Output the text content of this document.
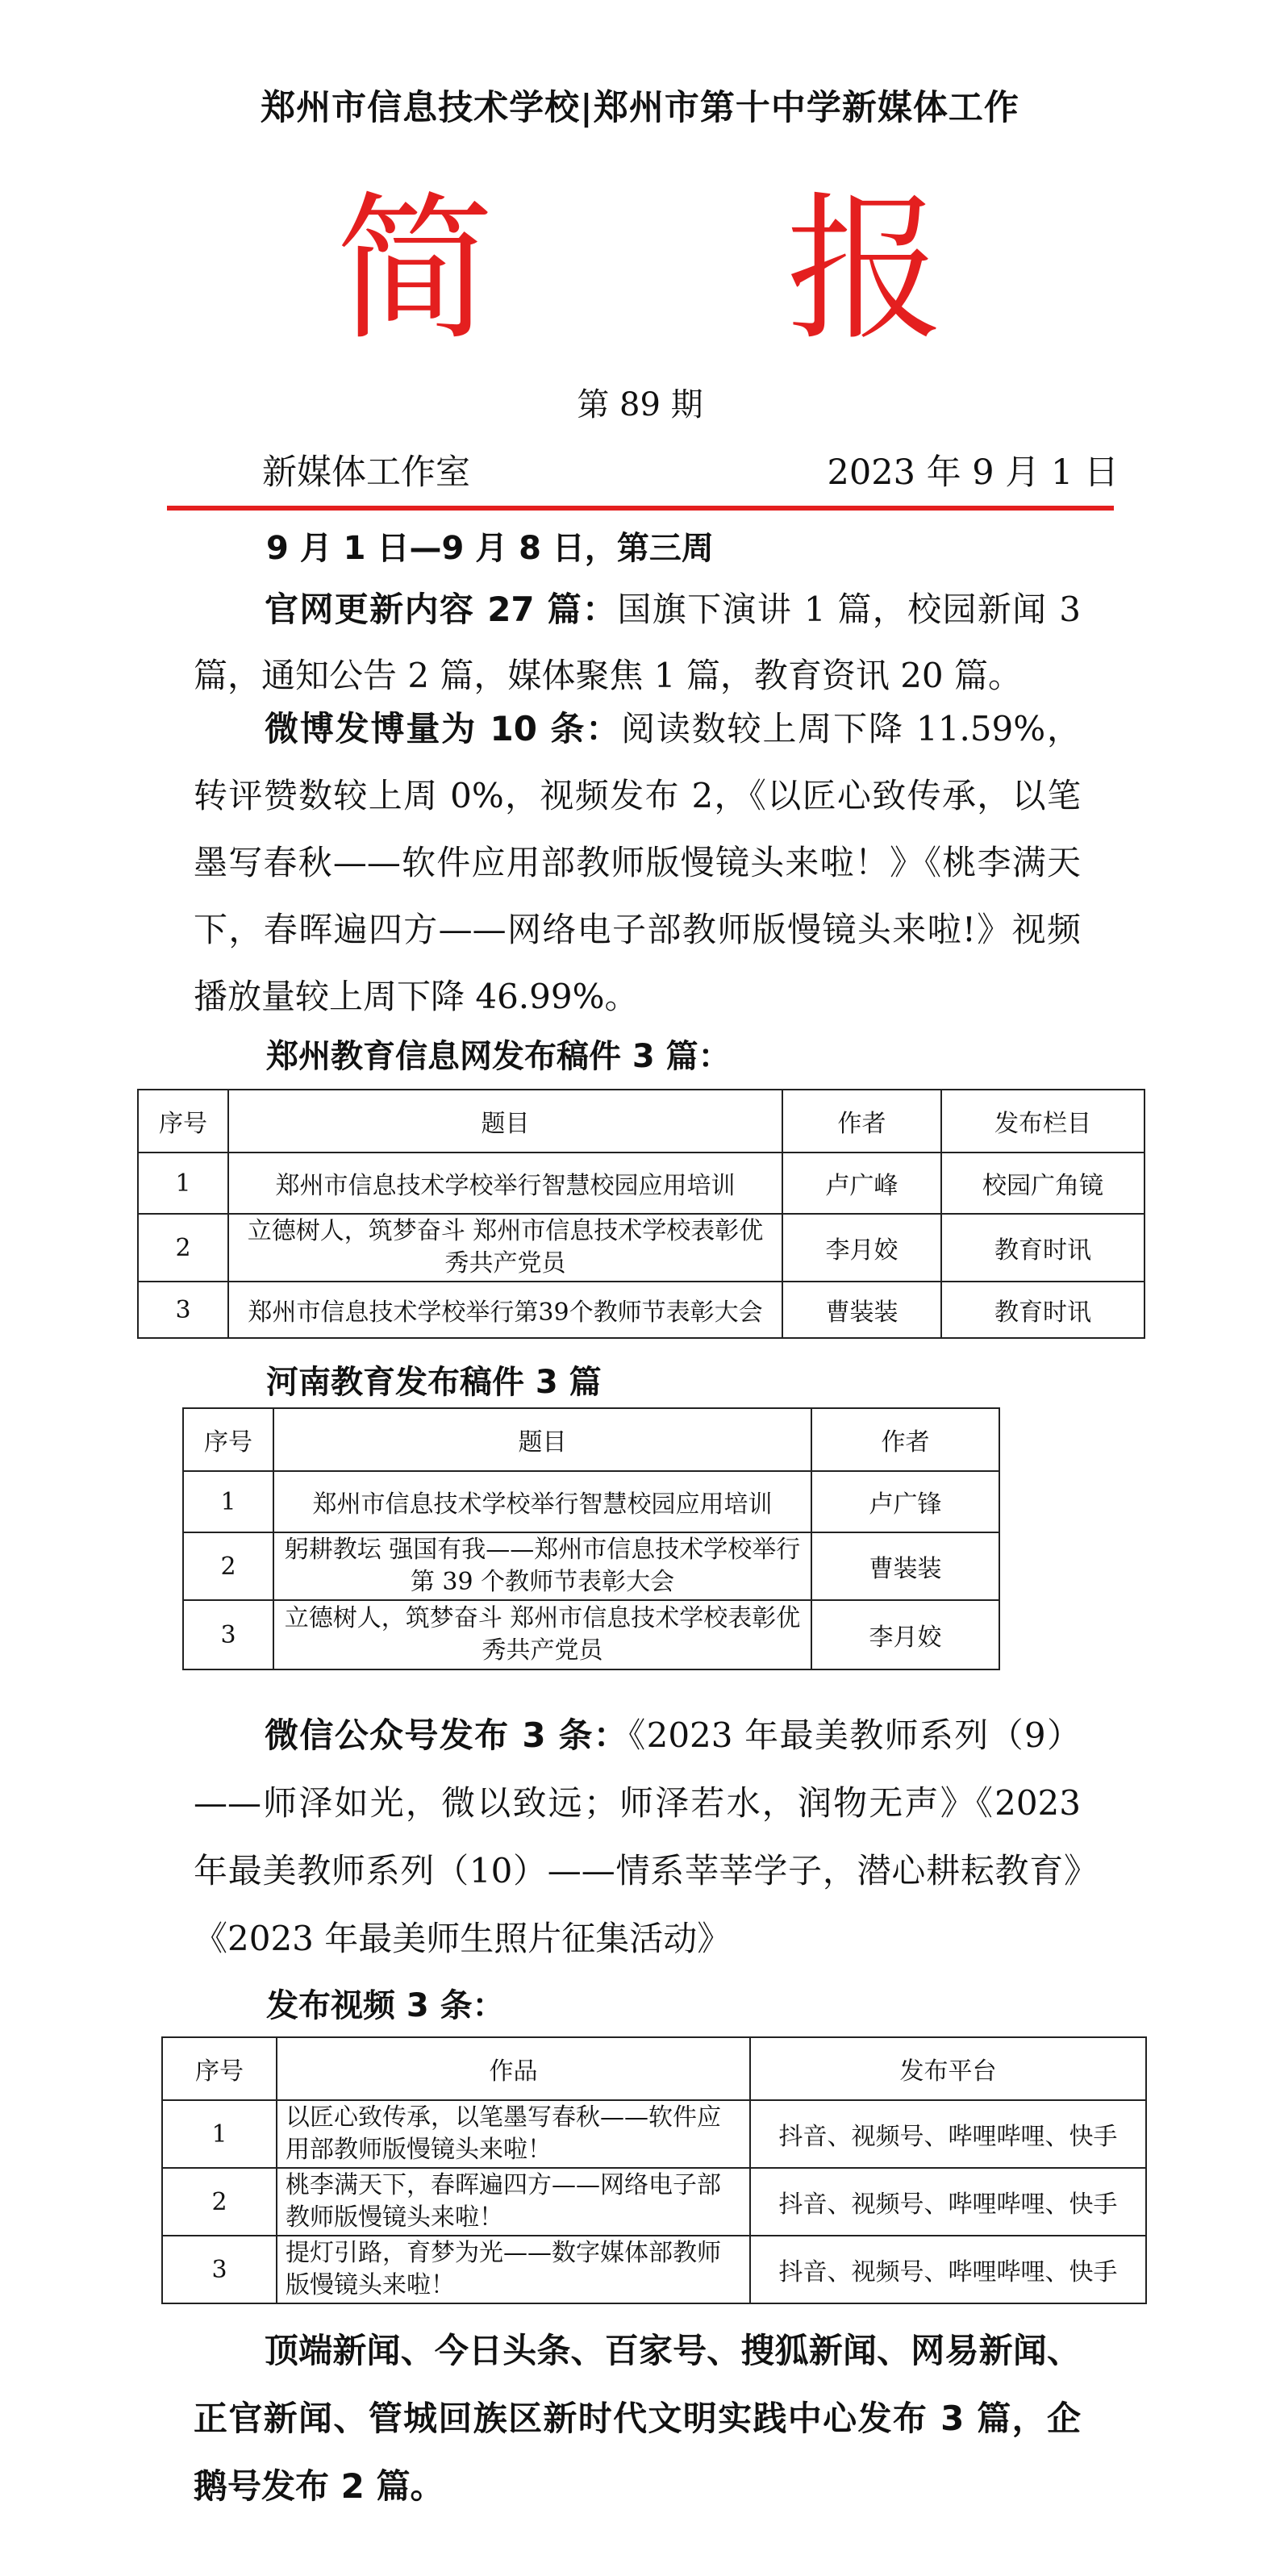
郑州市信息技术学校|郑州市第十中学新媒体工作
简 报
第 89 期
新媒体工作室	2023 年 9 月 1 日
9 月 1 日—9 月 8 日，第三周
官网更新内容 27 篇：国旗下演讲 1 篇，校园新闻 3 篇，通知公告 2 篇，媒体聚焦 1 篇，教育资讯 20 篇。
微博发博量为 10 条：阅读数较上周下降 11.59%，转评赞数较上周 0%，视频发布 2，《以匠心致传承，以笔墨写春秋——软件应用部教师版慢镜头来啦！》《桃李满天下，春晖遍四方——网络电子部教师版慢镜头来啦!》视频播放量较上周下降 46.99%。
郑州教育信息网发布稿件 3 篇：
序号	题目	作者	发布栏目
1	郑州市信息技术学校举行智慧校园应用培训	卢广峰	校园广角镜
2	立德树人，筑梦奋斗 郑州市信息技术学校表彰优秀共产党员	李月姣	教育时讯
3	郑州市信息技术学校举行第39个教师节表彰大会	曹装装	教育时讯
河南教育发布稿件 3 篇
序号	题目	作者
1	郑州市信息技术学校举行智慧校园应用培训	卢广锋
2	躬耕教坛 强国有我——郑州市信息技术学校举行第 39 个教师节表彰大会	曹装装
3	立德树人，筑梦奋斗 郑州市信息技术学校表彰优秀共产党员	李月姣
微信公众号发布 3 条：《2023 年最美教师系列（9）——师泽如光，微以致远；师泽若水，润物无声》《2023 年最美教师系列（10）——情系莘莘学子，潜心耕耘教育》《2023 年最美师生照片征集活动》
发布视频 3 条：
序号	作品	发布平台
1	以匠心致传承，以笔墨写春秋——软件应用部教师版慢镜头来啦！	抖音、视频号、哔哩哔哩、快手
2	桃李满天下，春晖遍四方——网络电子部教师版慢镜头来啦！	抖音、视频号、哔哩哔哩、快手
3	提灯引路，育梦为光——数字媒体部教师版慢镜头来啦！	抖音、视频号、哔哩哔哩、快手
顶端新闻、今日头条、百家号、搜狐新闻、网易新闻、正官新闻、管城回族区新时代文明实践中心发布 3 篇，企鹅号发布 2 篇。
